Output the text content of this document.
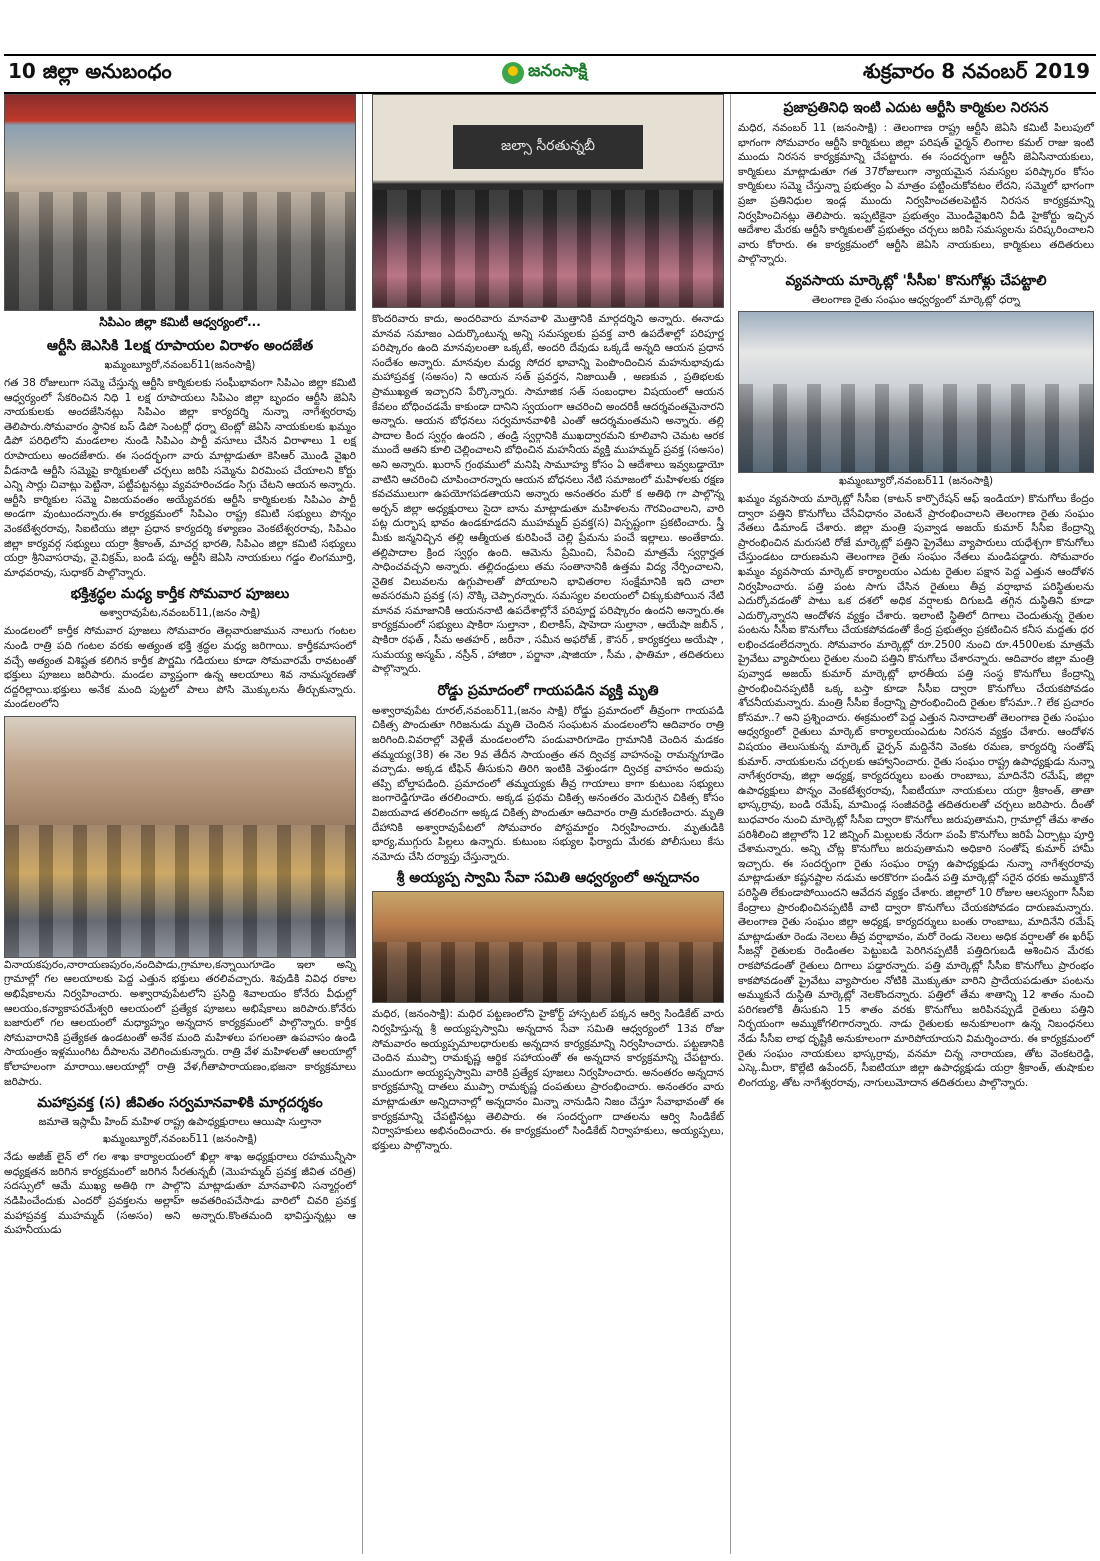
10 జిల్లా అనుబంధం	జనంసాక్షి	శుక్రవారం 8 నవంబర్ 2019
సిపిఎం జిల్లా కమిటీ ఆధ్వర్యంలో...
ఆర్టీసి జెఎసికి 1లక్ష రూపాయల విరాళం అందజేత
ఖమ్మంబ్యూరో,నవంబర్11(జనంసాక్షి)

గత 38 రోజులుగా సమ్మె చేస్తున్న ఆర్టీసి కార్మికులకు సంఘీభావంగా సిపిఎం జిల్లా కమిటి ఆధ్వర్యంలో సేకరించిన నిధి 1 లక్ష రూపాయలు సిపిఎం జిల్లా బృందం ఆర్టీసి జెఏసి నాయకులకు అందజేసినట్లు సిపిఎం జిల్లా కార్యదర్శి నున్నా నాగేశ్వరరావు తెలిపారు.సోమవారం స్థానిక బస్ డిపో సెంటర్లో ధర్నా టెంట్లో జెఏసి నాయకులకు ఖమ్మం డిపో పరిధిలోని మండలాల నుండి సిపిఎం పార్టీ వసూలు చేసిన విరాళాలు 1 లక్ష రూపాయలు అందజేశారు. ఈ సందర్భంగా వారు మాట్లాడుతూ కెసిఆర్ మొండి వైఖరి వీడనాడి ఆర్టీసి సమ్మెపై కార్మికులతో చర్చలు జరిపి సమ్మెను విరమింప చేయాలని కోర్టు ఎన్ని సార్లు చివాట్లు పెట్టినా, పట్టీపట్టనట్లు వ్యవహరించడం సిగ్గు చేటని ఆయన అన్నారు. ఆర్టీసి కార్మికుల సమ్మె విజయవంతం అయ్యేవరకు ఆర్టీసి కార్మికులకు సిపిఎం పార్టీ అండగా వుంటుందన్నారు.ఈ కార్యక్రమంలో సిపిఎం రాష్ట్ర కమిటి సభ్యులు పొన్నం వెంకటేశ్వరరావు, సిఐటియు జిల్లా ప్రధాన కార్యదర్శి కళ్యాణం వెంకటేశ్వరరావు, సిపిఎం జిల్లా కార్యవర్గ సభ్యులు యర్రా శ్రీకాంత్, మాచర్ల భారతి, సిపిఎం జిల్లా కమిటి సభ్యులు యర్రా శ్రీనివాసరావు, వై.విక్రమ్, బండి పద్మ, ఆర్టీసి జెఏసి నాయకులు గడ్డం లింగమూర్తి, మాధవరావు, సుధాకర్ పాల్గొన్నారు.

భక్తిశ్రద్ధల మధ్య కార్తీక సోమవార పూజలు
అశ్వారావుపేట,నవంబర్11,(జనం సాక్షి)

మండలంలో కార్తీక సోమవార పూజలు సోమవారం తెల్లవారుజామున నాలుగు గంటల నుండి రాత్రి పది గంటల వరకు అత్యంత భక్తి శ్రద్ధల మధ్య జరిగాయి. కార్తీకమాసంలో వచ్చే అత్యంత విశిష్టత కలిగిన కార్తీక పౌర్ణమి గడియలు కూడా సోమవారమే రావటంతో భక్తులు పూజలు జరిపారు. మండల వ్యాప్తంగా ఉన్న ఆలయాలు శివ నామస్మరణతో దద్దరిల్లాయి.భక్తులు అనేక మంది పుట్టలో పాలు పోసి మొక్కులను తీర్చుకున్నారు. మండలంలోని

వినాయకపురం,నారాయణపురం,నందిపాడు,గ్రామాల,కన్నాయిగూడెం ఇలా అన్ని గ్రామాల్లో గల ఆలయాలకు పెద్ద ఎత్తున భక్తులు తరలివచ్చారు. శివుడికి వివిధ రకాల అభిషేకాలను నిర్వహించారు. అశ్వారావుపేటలోని ప్రసిద్ధి శివాలయం కోనేరు వీధుల్లో ఆలయం,కన్యాకాపరమేశ్వరి ఆలయంలో ప్రత్యేక పూజలు అభిషేకాలు జరిపారు.కోనేరు బజారులో గల ఆలయంలో మధ్యాహ్నం అన్నదాన కార్యక్రమంలో పాల్గొన్నారు. కార్తీక సోమవారానికి ప్రత్యేకత ఉండటంతో అనేక మంది మహిళలు పగలంతా ఉపవాసం ఉండి సాయంత్రం ఇళ్లముంగిట దీపాలను వెలిగించుకున్నారు. రాత్రి వేళ మహిళలతో ఆలయాల్లో కోలాహలంగా మారాయి.ఆలయాల్లో రాత్రి వేళ,గీతాపారాయణం,భజనా కార్యక్రమాలు జరిపారు.

మహాప్రవక్త (స) జీవితం సర్వమానవాళికి మార్గదర్శకం
జమాతె ఇస్లామీ హింద్ మహిళ రాష్ట్ర ఉపాధ్యక్షురాలు ఆయిషా సుల్తానా
ఖమ్మంబ్యూరో,నవంబర్11 (జనంసాక్షి)

నేడు అజీజ్ లైన్ లో గల శాఖ కార్యాలయంలో ఖిల్లా శాఖ అధ్యక్షురాలు రహమున్నీసా అధ్యక్షతన జరిగిన కార్యక్రమంలో జరిగిన సీరతున్నబీ (మొహమ్మద్ ప్రవక్త జీవిత చరిత్ర) సదస్సులో ఆమే ముఖ్య అతిథి గా పాల్గొని మాట్లాడుతూ మానవాళిని సన్మార్గంలో నడిపించేందుకు ఎందరో ప్రవక్తలను అల్లాహ్ అవతరింపచేసాడు వారిలో చివరి ప్రవక్త మహాప్రవక్త ముహమ్మద్ (సఅసం) అని అన్నారు.కొంతమంది భావిస్తున్నట్లు ఆ మహనీయుడు

జల్సా సీరతున్నబీ

కొందరివారు కాదు, అందరివారు మానవాళి మొత్తానికి మార్గదర్శిని అన్నారు. ఈనాడు మానవ సమాజం ఎదుర్కొంటున్న అన్ని సమస్యలకు ప్రవక్త వారి ఉపదేశాల్లో పరిపూర్ణ పరిష్కారం ఉంది మానవులంతా ఒక్కటే, అందరి దేవుడు ఒక్కడే అన్నది ఆయన ప్రధాన సందేశం అన్నారు. మానవుల మధ్య సోదర భావాన్ని పెంపొందించిన మహనుభావుడు మహాప్రవక్త (సఅసం) ని ఆయన సత్ ప్రవర్తన, నిజాయితీ , అణకువ , ప్రతిభలకు ప్రాముఖ్యత ఇచ్చారని పేర్కొన్నారు. సామాజిక సత్ సంబంధాల విషయంలో ఆయన కేవలం బోధించడమే కాకుండా దానిని స్వయంగా ఆచరించి అందరికీ ఆదర్శవంతమైనారని అన్నారు. ఆయన బోధనలు సర్వమానవాళికి ఎంతో ఆదర్శమంతమని అన్నారు. తల్లి పాదాల కింద స్వర్గం ఉందని , తండ్రి స్వర్గానికి ముఖద్వారమని కూలివాని చెమట ఆరక ముందే ఆతని కూలి చెల్లించాలని బోధించిన మహనీయ వ్యక్తి ముహమ్మద్ ప్రవక్త (సఅసం) అని అన్నారు. ఖురాన్ గ్రంథములో మనిషి సామూహ్య కోసం ఏ ఆదేశాలు ఇవ్వబడ్డాయో వాటిని ఆచరించి చూపించారన్నారు ఆయన బోధనలు నేటి సమాజంలో మహిళలకు రక్షణ కవచములుగా ఉపయోగపడతాయని అన్నారు అనంతరం మరో క అతిథి గా పాల్గొన్న అర్బన్ జిల్లా అధ్యక్షురాలు సైదా బాను మాట్లాడుతూ మహిళలను గౌరవించాలని, వారి పట్ల దుర్భాష భావం ఉండకూడదని ముహమ్మద్ ప్రవక్త(స) విస్పష్టంగా ప్రకటించారు. స్త్రీ మీకు జన్మనిచ్చిన తల్లి ఆత్మీయత కురిపించే చెల్లి ప్రేమను పంచే ఇల్లాలు. అంతేకాదు. తల్లిపాదాల క్రింద స్వర్గం ఉంది. ఆమెను ప్రేమించి, సేవించి మాత్రమే స్వర్గార్హత సాధించవచ్చని అన్నారు. తల్లిదండ్రులు తమ సంతానానికి ఉత్తమ విద్య నేర్పించాలని, నైతిక విలువలను ఉగ్గుపాలతో పోయాలని భావితరాల సంక్షేమానికి ఇది చాలా అవసరమని ప్రవక్త (స) నొక్కి చెప్పారన్నారు. సమస్యల వలయంలో చిక్కుకుపోయిన నేటి మానవ సమాజానికి ఆయననాటి ఉపదేశాల్లోనే పరిపూర్ణ పరిష్కారం ఉందని అన్నారు.ఈ కార్యక్రమంలో సభ్యులు షాకిరా సుల్తానా , బిలాకిస్, షాహెదా సుల్తానా , ఆయేషా జబీన్ , షాకిరా రఫత్ , సీమ అతహర్ , జరీనా , సమీన అఫరోజ్ , కౌసర్ , కార్యకర్తలు అయేషా , సుమయ్య అస్మమ్ , నస్రీన్ , హాజిరా , పర్జానా ,షాజియా , సీమ , ఫాతిమా , తదితరులు పాల్గొన్నారు.

రోడ్డు ప్రమాదంలో గాయపడిన వ్యక్తి మృతి

అశ్వారావుపేట రూరల్,నవంబర్11,(జనం సాక్షి) రోడ్డు ప్రమాదంలో తీవ్రంగా గాయపడి చికిత్స పొందుతూ గిరిజనుడు మృతి చెందిన సంఘటన మండలంలోని ఆదివారం రాత్రి జరిగింది.వివరాల్లో వెళ్లితే మండలంలోని పండువారిగూడెం గ్రామానికి చెందిన మడకం తమ్మయ్య(38) ఈ నెల 9వ తేదీన సాయంత్రం తన ద్విచక్ర వాహనంపై రామన్నగూడెం వచ్చాడు. అక్కడ టీఫిన్ తీసుకుని తిరిగి ఇంటికి వెళ్తుండగా ద్విచక్ర వాహనం అదుపు తప్పి బోల్తాపడింది. ప్రమాదంలో తమ్మయ్యకు తీవ్ర గాయాలు కాగా కుటుంబ సభ్యులు జంగారెడ్డిగూడెం తరలించారు. అక్కడ ప్రథమ చికిత్స అనంతరం మెరుగైన చికిత్స కోసం విజయవాడ తరలించగా అక్కడ చికిత్స పొందుతూ ఆదివారం రాత్రి మరణించారు. మృతి దేహానికి అశ్వారావుపేటలో సోమవారం పోస్టమార్టం నిర్వహించారు. మృతుడికి భార్య,ముగ్గురు పిల్లలు ఉన్నారు. కుటుంబ సభ్యుల ఫిర్యాదు మేరకు పోలీసులు కేసు నమోదు చేసి దర్యాప్తు చేస్తున్నారు.

శ్రీ అయ్యప్ప స్వామి సేవా సమితి ఆధ్వర్యంలో అన్నదానం

మధిర, (జనంసాక్షి): మధిర పట్టణంలోని హైకోర్ట్ హాస్పటల్ పక్కన ఆర్వి సిండికేట్ వారు నిర్వహిస్తున్న శ్రీ అయ్యప్పస్వామి అన్నదాన సేవా సమితి ఆధ్వర్యంలో 13వ రోజు సోమవారం అయ్యప్పమాలధారులకు అన్నదాన కార్యక్రమాన్ని నిర్వహించారు. పట్టణానికి చెందిన ముప్పా రామకృష్ణ ఆర్థిక సహాయంతో ఈ అన్నదాన కార్యక్రమాన్ని చేపట్టారు. ముందుగా అయ్యప్పస్వామి వారికి ప్రత్యేక పూజలు నిర్వహించారు. అనంతరం అన్నదాన కార్యక్రమాన్ని దాతలు ముప్పా రామకృష్ణ దంపతులు ప్రారంభించారు. అనంతరం వారు మాట్లాడుతూ అన్నిదానాల్లో అన్నదానం మిన్నా నానుడిని నిజం చేస్తూ సేవాభావంతో ఈ కార్యక్రమాన్ని చేపట్టినట్లు తెలిపారు. ఈ సందర్భంగా దాతలను ఆర్వి సిండికేట్ నిర్వాహకులు అభినందించారు. ఈ కార్యక్రమంలో సిండికేట్ నిర్వాహకులు, అయ్యప్పలు, భక్తులు పాల్గొన్నారు.

ప్రజాప్రతినిధి ఇంటి ఎదుట ఆర్టీసి కార్మికుల నిరసన

మధిర, నవంబర్ 11 (జనంసాక్షి) : తెలంగాణ రాష్ట్ర ఆర్టీసి జెఏసి కమిటీ పిలుపులో భాగంగా సోమవారం ఆర్టీసి కార్మికులు జిల్లా పరిషత్ ఛైర్మన్ లింగాల కమల్ రాజు ఇంటి ముందు నిరసన కార్యక్రమాన్ని చేపట్టారు. ఈ సందర్భంగా ఆర్టీసి జెఏసినాయకులు, కార్మికులు మాట్లాడుతూ గత 37రోజులుగా న్యాయమైన సమస్యల పరిష్కారం కోసం కార్మికులు సమ్మె చేస్తున్నా ప్రభుత్వం ఏ మాత్రం పట్టించుకోవటం లేదని, సమ్మెలో భాగంగా ప్రజా ప్రతినిధుల ఇండ్ల ముందు నిర్వహించతలపెట్టిన నిరసన కార్యక్రమాన్ని నిర్వహించినట్లు తెలిపారు. ఇప్పటికైనా ప్రభుత్వం మొండివైఖరిని వీడి హైకోర్టు ఇచ్చిన ఆదేశాల మేరకు ఆర్టీసి కార్మికులతో ప్రభుత్వం చర్చలు జరిపి సమస్యలను పరిష్కరించాలని వారు కోరారు. ఈ కార్యక్రమంలో ఆర్టీసి జెఏసి నాయకులు, కార్మికులు తదితరులు పాల్గొన్నారు.

వ్యవసాయ మార్కెట్లో 'సీసీఐ' కొనుగోళ్లు చేపట్టాలి
తెలంగాణ రైతు సంఘం ఆధ్వర్యంలో మార్కెట్లో ధర్నా
ఖమ్మంబ్యూరో,నవంబర్11 (జనంసాక్షి)

ఖమ్మం వ్యవసాయ మార్కెట్లో సీసీఐ (కాటన్ కార్పొరేషన్ ఆఫ్ ఇండియా) కొనుగోలు కేంద్రం ద్వారా పత్తిని కొనుగోలు చేసేవిధానం వెంటనే ప్రారంభించాలని తెలంగాణ రైతు సంఘం నేతలు డిమాండ్ చేశారు. జిల్లా మంత్రి పువ్వాడ అజయ్ కుమార్ సీసీఐ కేంద్రాన్ని ప్రారంభించిన మరుసటి రోజే మార్కెట్లో పత్తిని ప్రైవేటు వ్యాపారులు యధేశ్చగా కొనుగోలు చేస్తుండటం దారుణమని తెలంగాణ రైతు సంఘం నేతలు మండిపడ్డారు. సోమవారం ఖమ్మం వ్యవసాయ మార్కెట్ కార్యాలయం ఎదుట రైతుల పక్షాన పెద్ద ఎత్తున ఆందోళన నిర్వహించారు. పత్తి పంట సాగు చేసిన రైతులు తీవ్ర వర్షాభావ పరిస్థితులను ఎదుర్కోవడంతో పాటు ఒక దశలో అధిక వర్షాలకు దిగుబడి తగ్గిన దుస్థితిని కూడా ఎదుర్కొన్నారని ఆందోళన వ్యక్తం చేశారు. ఇలాంటి స్థితిలో దిగాలు చెందుతున్న రైతుల పంటను సీసీఐ కొనుగోలు చేయకపోవడంతో కేంద్ర ప్రభుత్వం ప్రకటించిన కనీస మద్దతు ధర లభించడంలేదన్నారు. సోమవారం మార్కెట్లో రూ.2500 నుంచి రూ.4500లకు మాత్రమే ప్రైవేటు వ్యాపారులు రైతుల నుంచి పత్తిని కొనుగోలు చేశారన్నారు. ఆదివారం జిల్లా మంత్రి పువ్వాడ అజయ్ కుమార్ మార్కెట్లో భారతీయ పత్తి సంస్థ కొనుగోలు కేంద్రాన్ని ప్రారంభించినప్పటికీ ఒక్క బస్తా కూడా సీసీఐ ద్వారా కొనుగోలు చేయకపోవడం శోచనీయమన్నారు. మంత్రి సీసీఐ కేంద్రాన్ని ప్రారంభించింది రైతుల కోసమా..? లేక ప్రచారం కోసమా..? అని ప్రశ్నించారు. ఈక్రమంలో పెద్ద ఎత్తున నినాదాలతో తెలంగాణ రైతు సంఘం ఆధ్వర్యంలో రైతులు మార్కెట్ కార్యాలయంఎదుట నిరసన వ్యక్తం చేశారు. ఆందోళన విషయం తెలుసుకున్న మార్కెట్ ఛైర్పన్ మద్దినేని వెంకట రమణ, కార్యదర్శి సంతోష్ కుమార్. నాయకులను చర్చలకు ఆహ్వానించారు. రైతు సంఘం రాష్ట్ర ఉపాధ్యక్షుడు నున్నా నాగేశ్వరరావు, జిల్లా అధ్యక్ష, కార్యదర్శులు బంతు రాంబాబు, మాదినేని రమేష్, జిల్లా ఉపాధ్యక్షులు పొన్నం వెంకటేశ్వరరావు, సీఐటీయూ నాయకులు యర్రా శ్రీకాంత్, తాతా భాస్కర్రావు, బండి రమేష్, మామిండ్ల సంజీవరెడ్డి తదితరులతో చర్చలు జరిపారు. దీంతో బుధవారం నుంచి మార్కెట్లో సీసీఐ ద్వారా కొనుగోలు జరుపుతామని, గ్రామాల్లో తేమ శాతం పరిశీలించి జిల్లాలోని 12 జిన్నింగ్ మిల్లులకు నేరుగా పంపి కొనుగోలు జరిపే ఏర్పాట్లు పూర్తి చేశామన్నారు. అన్ని చోట్ల కొనుగోలు జరుపుతామని అధికారి సంతోష్ కుమార్ హామీ ఇచ్చారు. ఈ సందర్భంగా రైతు సంఘం రాష్ట్ర ఉపాధ్యక్షుడు నున్నా నాగేశ్వరరావు మాట్లాడుతూ కష్టనష్టాల నడుమ అరకొరగా పండిన పత్తి మార్కెట్లో సరైన ధరకు అమ్ముకొనే పరిస్థితి లేకుండాపోయిందని ఆవేదన వ్యక్తం చేశారు. జిల్లాలో 10 రోజుల ఆలస్యంగా సీసీఐ కేంద్రాలు ప్రారంభించినప్పటికీ వాటి ద్వారా కొనుగోలు చేయకపోవడం దారుణమన్నారు. తెలంగాణ రైతు సంఘం జిల్లా అధ్యక్ష, కార్యదర్శులు బంతు రాంబాబు, మాదినేని రమేష్ మాట్లాడుతూ రెండు నెలలు తీవ్ర వర్షాభావం, మరో రెండు నెలలు అధిక వర్షాలతో ఈ ఖరీఫ్ సీజన్లో రైతులకు రెండింతల పెట్టుబడి పెరిగినప్పటికీ పత్తిదిగుబడి ఆశించిన మేరకు రాకపోవడంతో రైతులు దిగాలు పడ్డారన్నారు. పత్తి మార్కెట్లో సీసీఐ కొనుగోలు ప్రారంభం కాకపోవడంతో ప్రైవేటు వ్యాపారుల నోటికి మొక్కుతూ వారిని ప్రాదేయపడుతూ పంటను అమ్ముకునే దుస్థితి మార్కెట్లో నెలకొందన్నారు. పత్తిలో తేమ శాతాన్ని 12 శాతం నుంచి పరిగణలోకి తీసుకుని 15 శాతం వరకు కొనుగోలు జరిపినప్పుడే రైతులు పత్తిని నిర్భయంగా అమ్ముకోగలిగారన్నారు. నాడు రైతులకు అనుకూలంగా ఉన్న నిబంధనలు నేడు సీసీఐ లాభ దృష్టికి అనుకూలంగా మారిపోయాయని విమర్శించారు. ఈ కార్యక్రమంలో రైతు సంఘం నాయకులు భాస్కర్రావు, వనమా చిన్న నారాయణ, తోట వెంకటరెడ్డి, ఎస్కె.మీరా, కొల్లేటి ఉపేందర్, సీఐటియూ జిల్లా ఉపాధ్యక్షుడు యర్రా శ్రీకాంత్, తుషాకుల లింగయ్య, తోట నాగేశ్వరరావు, నాగులుమోదాన తదితరులు పాల్గొన్నారు.
